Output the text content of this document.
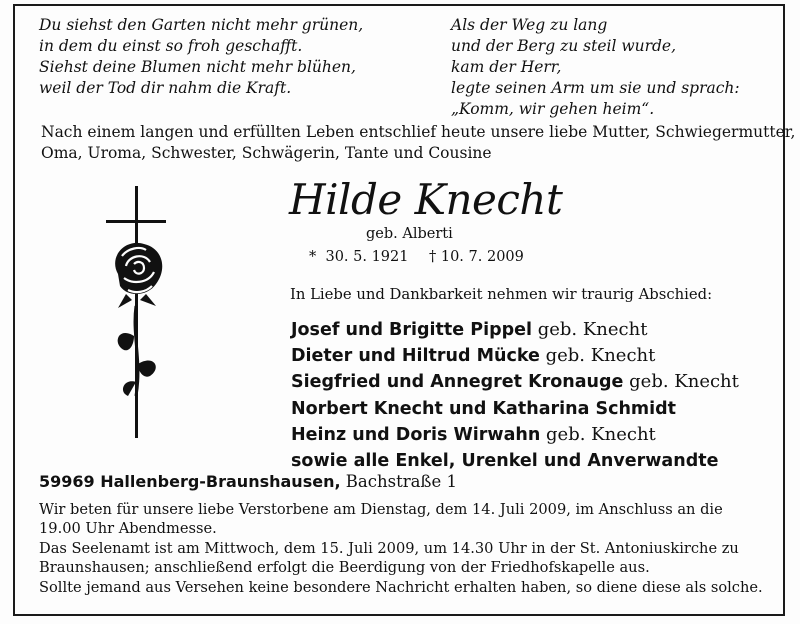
Du siehst den Garten nicht mehr grünen,
in dem du einst so froh geschafft.
Siehst deine Blumen nicht mehr blühen,
weil der Tod dir nahm die Kraft.
Als der Weg zu lang
und der Berg zu steil wurde,
kam der Herr,
legte seinen Arm um sie und sprach:
„Komm, wir gehen heim“.
Nach einem langen und erfüllten Leben entschlief heute unsere liebe Mutter, Schwiegermutter,
Oma, Uroma, Schwester, Schwägerin, Tante und Cousine
Hilde Knecht
geb. Alberti
* 30. 5. 1921 † 10. 7. 2009
In Liebe und Dankbarkeit nehmen wir traurig Abschied:
Josef und Brigitte Pippel geb. Knecht
Dieter und Hiltrud Mücke geb. Knecht
Siegfried und Annegret Kronauge geb. Knecht
Norbert Knecht und Katharina Schmidt
Heinz und Doris Wirwahn geb. Knecht
sowie alle Enkel, Urenkel und Anverwandte
59969 Hallenberg-Braunshausen, Bachstraße 1
Wir beten für unsere liebe Verstorbene am Dienstag, dem 14. Juli 2009, im Anschluss an die
19.00 Uhr Abendmesse.
Das Seelenamt ist am Mittwoch, dem 15. Juli 2009, um 14.30 Uhr in der St. Antoniuskirche zu
Braunshausen; anschließend erfolgt die Beerdigung von der Friedhofskapelle aus.
Sollte jemand aus Versehen keine besondere Nachricht erhalten haben, so diene diese als solche.
